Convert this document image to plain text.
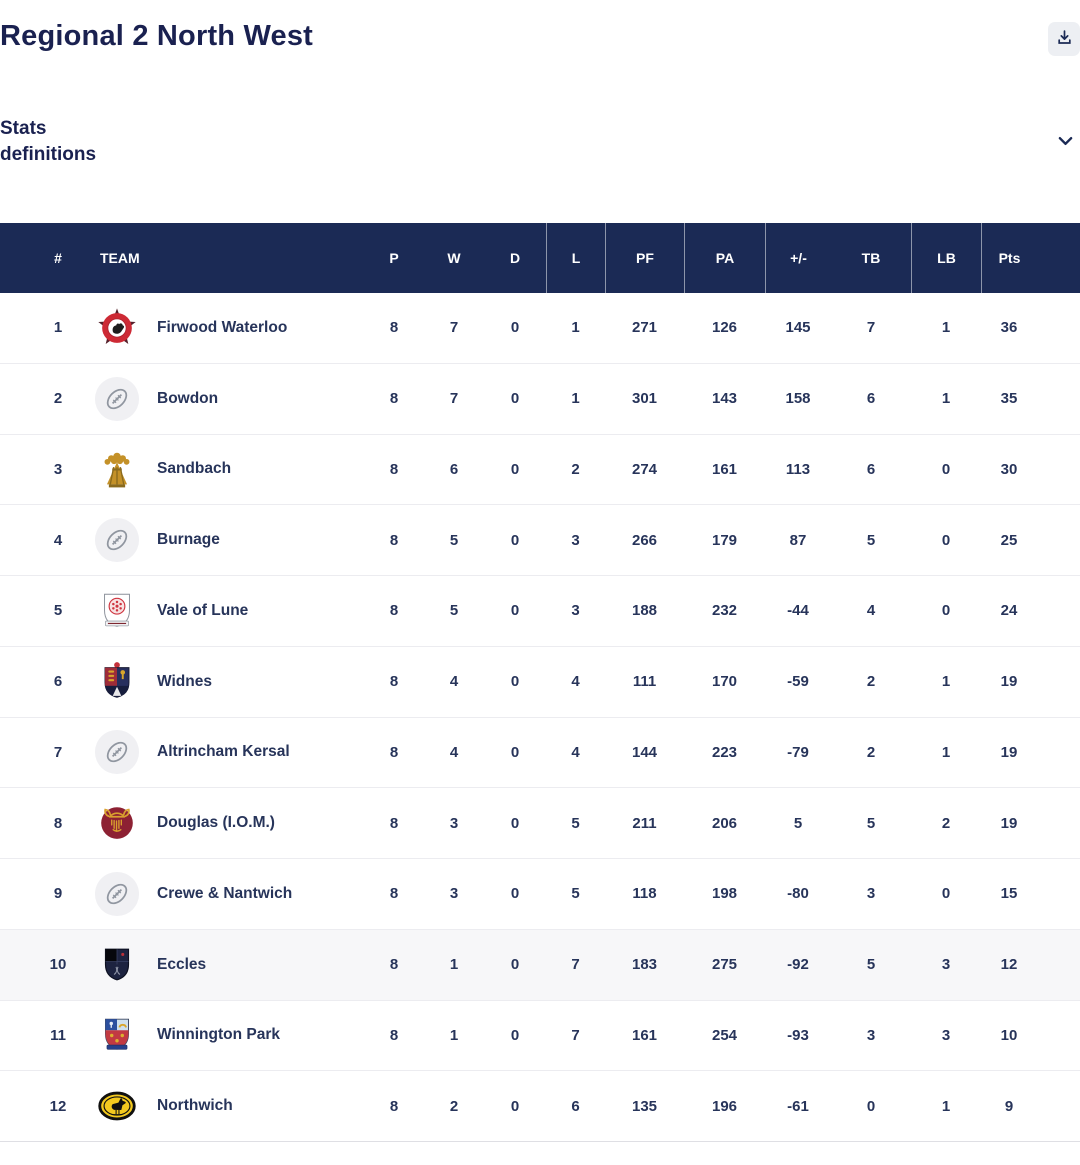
Regional 2 North West
Stats definitions
#	TEAM	P	W	D	L	PF	PA	+/-	TB	LB	Pts
1	Firwood Waterloo	8	7	0	1	271	126	145	7	1	36
2	Bowdon	8	7	0	1	301	143	158	6	1	35
3	Sandbach	8	6	0	2	274	161	113	6	0	30
4	Burnage	8	5	0	3	266	179	87	5	0	25
5	Vale of Lune	8	5	0	3	188	232	-44	4	0	24
6	Widnes	8	4	0	4	111	170	-59	2	1	19
7	Altrincham Kersal	8	4	0	4	144	223	-79	2	1	19
8	Douglas (I.O.M.)	8	3	0	5	211	206	5	5	2	19
9	Crewe & Nantwich	8	3	0	5	118	198	-80	3	0	15
10	Eccles	8	1	0	7	183	275	-92	5	3	12
11	Winnington Park	8	1	0	7	161	254	-93	3	3	10
12	Northwich	8	2	0	6	135	196	-61	0	1	9
